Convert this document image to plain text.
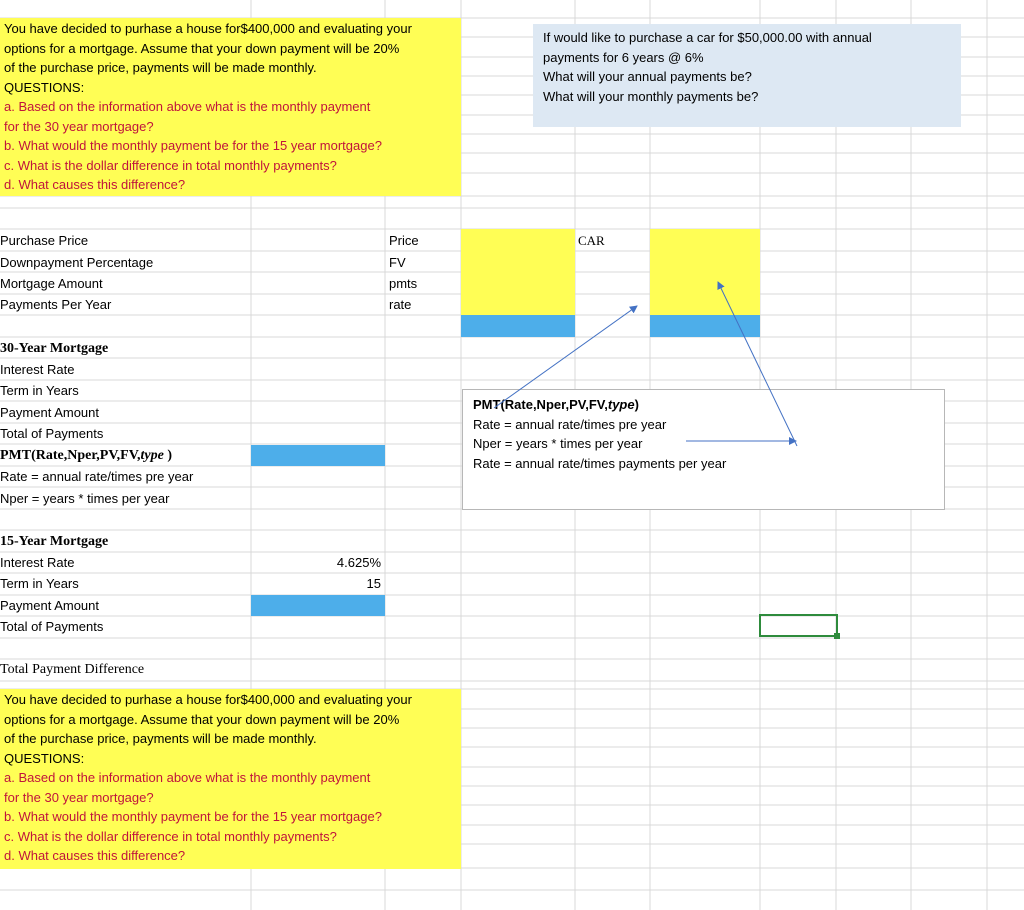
You have decided to purhase a house for$400,000 and evaluating your
options for a mortgage. Assume that your down payment will be 20%
of the purchase price, payments will be made monthly.
QUESTIONS:
a. Based on the information above what is the monthly payment
for the 30 year mortgage?
b. What would the monthly payment be for the 15 year mortgage?
c. What is the dollar difference in total monthly payments?
d. What causes this difference?
You have decided to purhase a house for$400,000 and evaluating your
options for a mortgage. Assume that your down payment will be 20%
of the purchase price, payments will be made monthly.
QUESTIONS:
a. Based on the information above what is the monthly payment
for the 30 year mortgage?
b. What would the monthly payment be for the 15 year mortgage?
c. What is the dollar difference in total monthly payments?
d. What causes this difference?
If would like to purchase a car for $50,000.00 with annual
payments for 6 years @ 6%
What will your annual payments be?
What will your monthly payments be?
Purchase Price
Downpayment Percentage
Mortgage Amount
Payments Per Year
Price
FV
pmts
rate
CAR
30-Year Mortgage
Interest Rate
Term in Years
Payment Amount
Total of Payments
PMT(Rate,Nper,PV,FV,type )
Rate = annual rate/times pre year
Nper = years * times per year
15-Year Mortgage
Interest Rate	4.625%
Term in Years	15
Payment Amount
Total of Payments
Total Payment Difference
PMT(Rate,Nper,PV,FV,type)
Rate = annual rate/times pre year
Nper = years * times per year
Rate = annual rate/times payments per year
